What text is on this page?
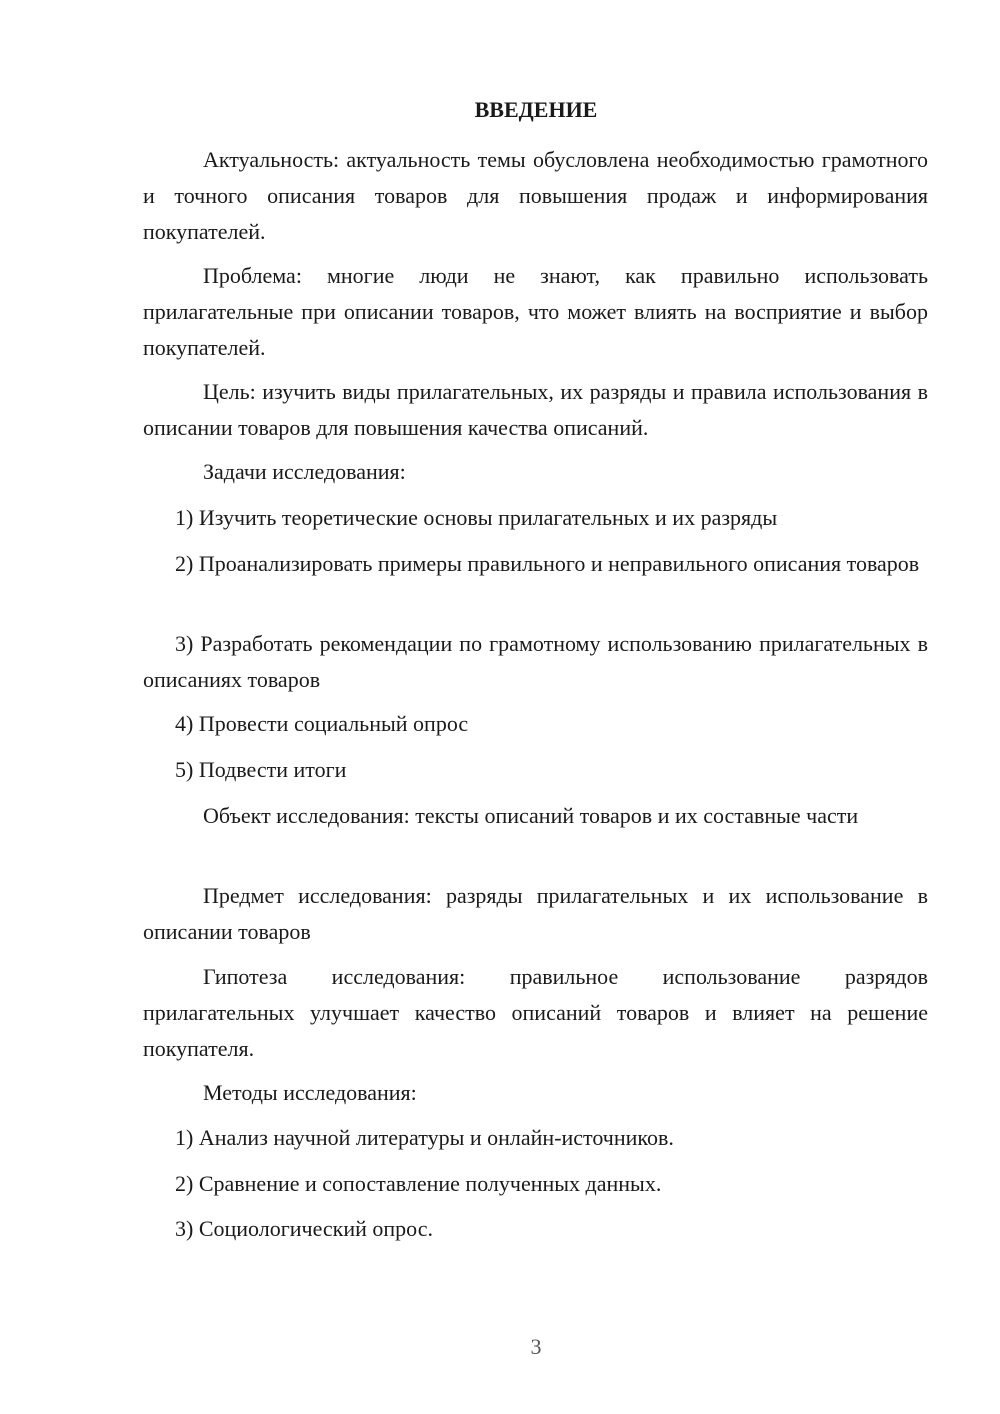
ВВЕДЕНИЕ

Актуальность: актуальность темы обусловлена необходимостью грамотного и точного описания товаров для повышения продаж и информирования покупателей.

Проблема: многие люди не знают, как правильно использовать прилагательные при описании товаров, что может влиять на восприятие и выбор покупателей.

Цель: изучить виды прилагательных, их разряды и правила использования в описании товаров для повышения качества описаний.

Задачи исследования:

1) Изучить теоретические основы прилагательных и их разряды

2) Проанализировать примеры правильного и неправильного описания товаров

3) Разработать рекомендации по грамотному использованию прилагательных в описаниях товаров

4) Провести социальный опрос

5) Подвести итоги

Объект исследования: тексты описаний товаров и их составные части

Предмет исследования: разряды прилагательных и их использование в описании товаров

Гипотеза исследования: правильное использование разрядов прилагательных улучшает качество описаний товаров и влияет на решение покупателя.

Методы исследования:

1) Анализ научной литературы и онлайн-источников.

2) Сравнение и сопоставление полученных данных.

3) Социологический опрос.

3
